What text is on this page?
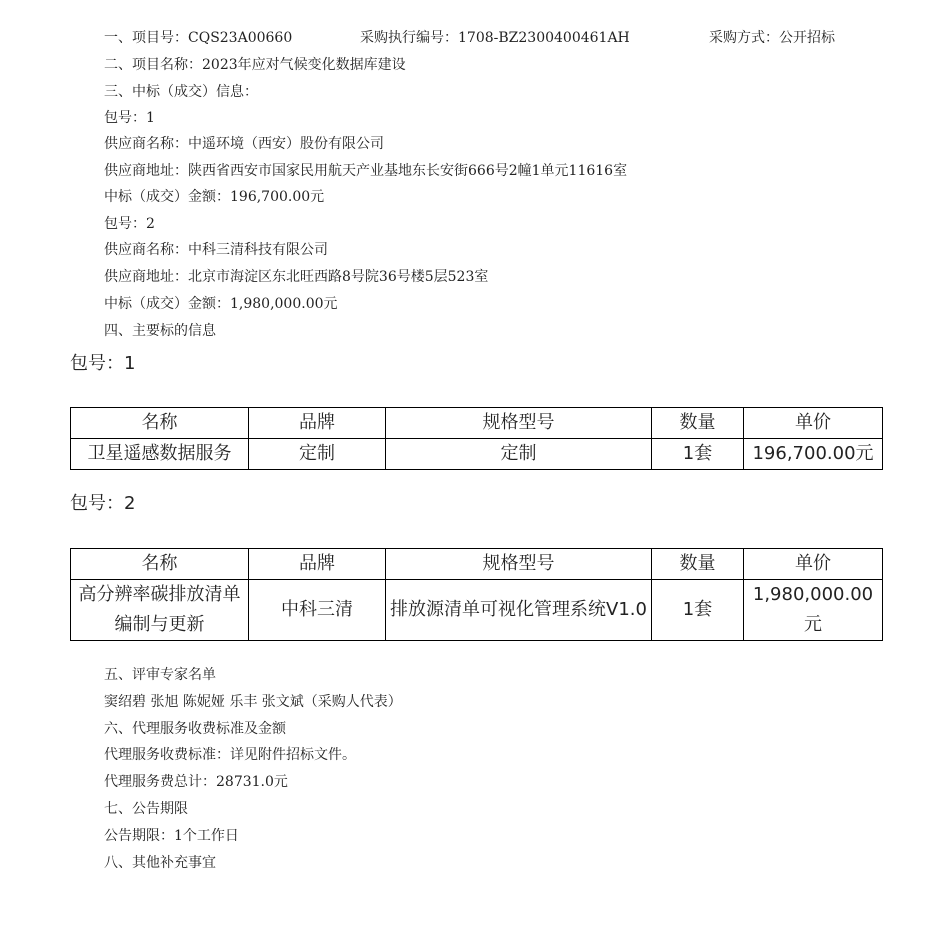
一、项目号：CQS23A00660	采购执行编号：1708-BZ2300400461AH	采购方式：公开招标
二、项目名称：2023年应对气候变化数据库建设
三、中标（成交）信息：
包号：1
供应商名称：中遥环境（西安）股份有限公司
供应商地址：陕西省西安市国家民用航天产业基地东长安街666号2幢1单元11616室
中标（成交）金额：196,700.00元
包号：2
供应商名称：中科三清科技有限公司
供应商地址：北京市海淀区东北旺西路8号院36号楼5层523室
中标（成交）金额：1,980,000.00元
四、主要标的信息
包号：1
名称	品牌	规格型号	数量	单价
卫星遥感数据服务	定制	定制	1套	196,700.00元
包号：2
名称	品牌	规格型号	数量	单价
高分辨率碳排放清单编制与更新	中科三清	排放源清单可视化管理系统V1.0	1套	1,980,000.00元
五、评审专家名单
窦绍碧 张旭 陈妮娅 乐丰 张文斌（采购人代表）
六、代理服务收费标准及金额
代理服务收费标准：详见附件招标文件。
代理服务费总计：28731.0元
七、公告期限
公告期限：1个工作日
八、其他补充事宜
